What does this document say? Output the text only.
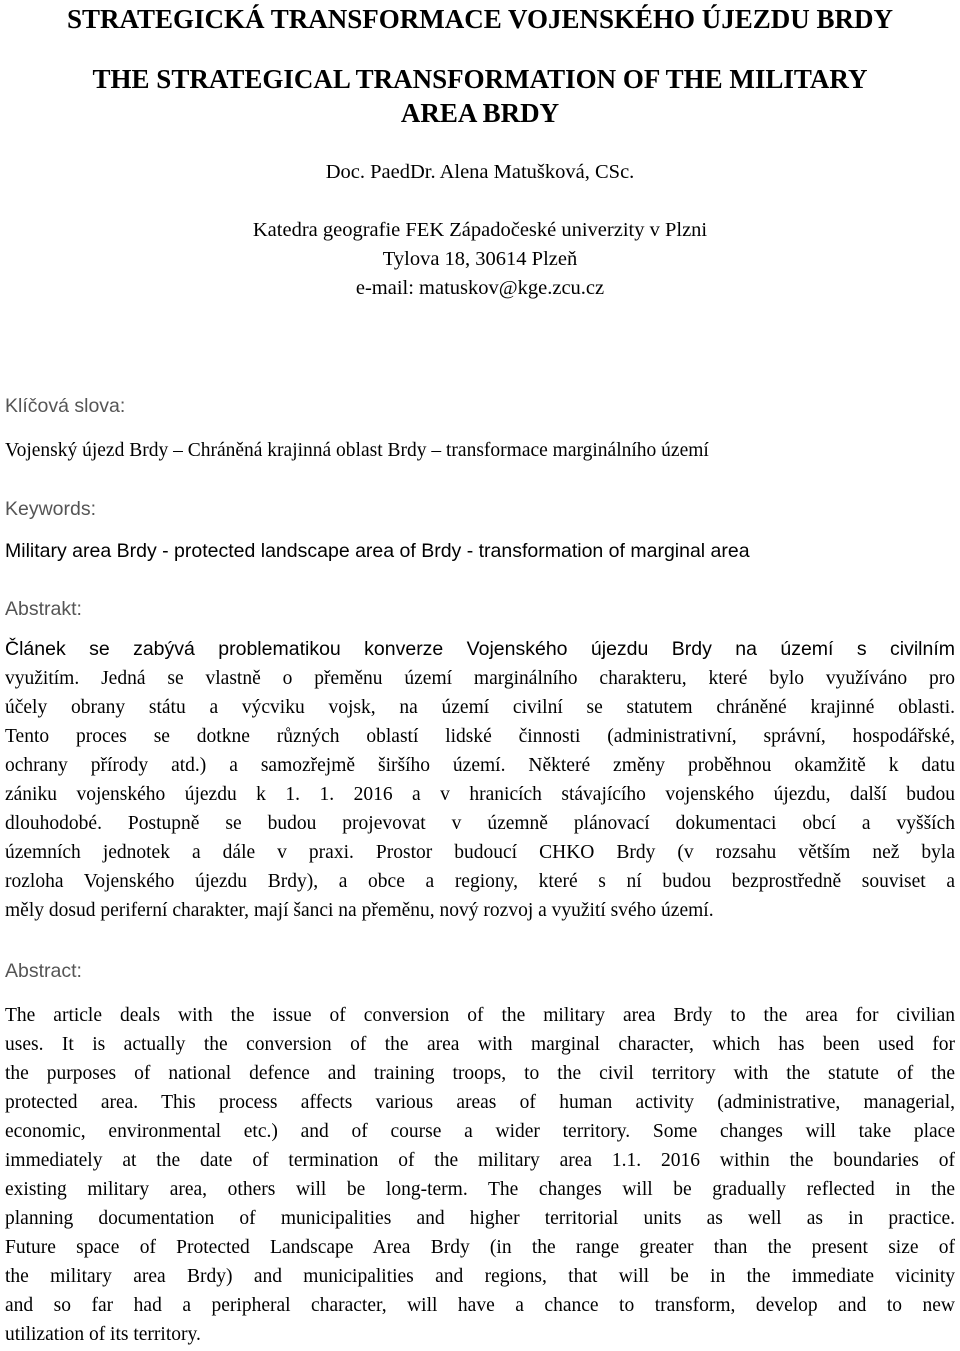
STRATEGICKÁ TRANSFORMACE VOJENSKÉHO ÚJEZDU BRDY
THE STRATEGICAL TRANSFORMATION OF THE MILITARY
AREA BRDY
Doc. PaedDr. Alena Matušková, CSc.
Katedra geografie FEK Západočeské univerzity v Plzni
Tylova 18, 30614 Plzeň
e-mail: matuskov@kge.zcu.cz

Klíčová slova:

Vojenský újezd Brdy – Chráněná krajinná oblast Brdy – transformace marginálního území

Keywords:

Military area Brdy - protected landscape area of Brdy - transformation of marginal area

Abstrakt:

Článek se zabývá problematikou konverze Vojenského újezdu Brdy na území s civilním
využitím. Jedná se vlastně o přeměnu území marginálního charakteru, které bylo využíváno pro
účely obrany státu a výcviku vojsk, na území civilní se statutem chráněné krajinné oblasti.
Tento proces se dotkne různých oblastí lidské činnosti (administrativní, správní, hospodářské,
ochrany přírody atd.) a samozřejmě širšího území. Některé změny proběhnou okamžitě k datu
zániku vojenského újezdu k 1. 1. 2016 a v hranicích stávajícího vojenského újezdu, další budou
dlouhodobé. Postupně se budou projevovat v územně plánovací dokumentaci obcí a vyšších
územních jednotek a dále v praxi. Prostor budoucí CHKO Brdy (v rozsahu větším než byla
rozloha Vojenského újezdu Brdy), a obce a regiony, které s ní budou bezprostředně souviset a
měly dosud periferní charakter, mají šanci na přeměnu, nový rozvoj a využití svého území.

Abstract:

The article deals with the issue of conversion of the military area Brdy to the area for civilian
uses. It is actually the conversion of the area with marginal character, which has been used for
the purposes of national defence and training troops, to the civil territory with the statute of the
protected area. This process affects various areas of human activity (administrative, managerial,
economic, environmental etc.) and of course a wider territory. Some changes will take place
immediately at the date of termination of the military area 1.1. 2016 within the boundaries of
existing military area, others will be long-term. The changes will be gradually reflected in the
planning documentation of municipalities and higher territorial units as well as in practice.
Future space of Protected Landscape Area Brdy (in the range greater than the present size of
the military area Brdy) and municipalities and regions, that will be in the immediate vicinity
and so far had a peripheral character, will have a chance to transform, develop and to new
utilization of its territory.
